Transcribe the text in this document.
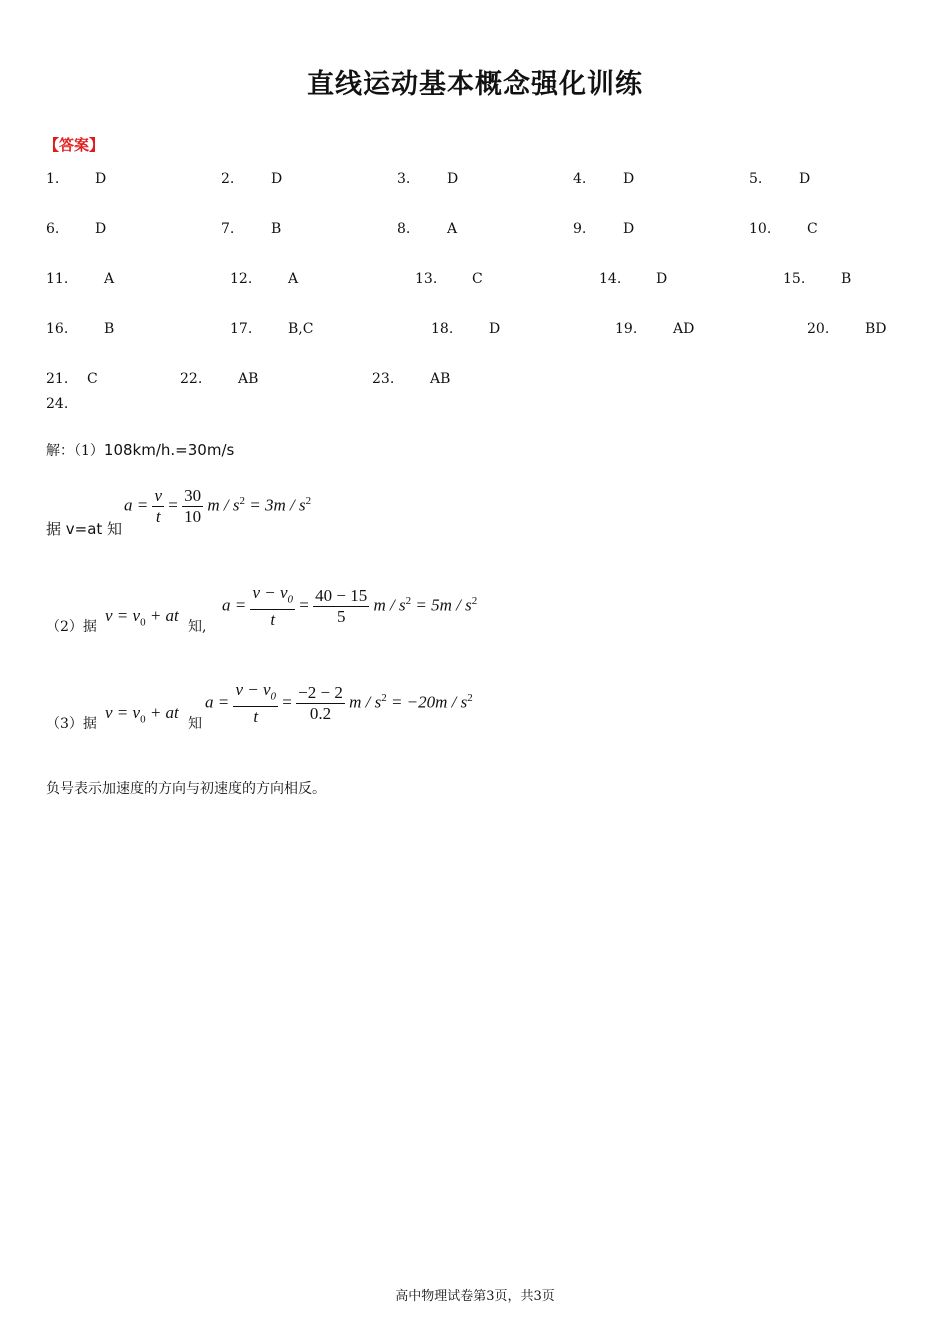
直线运动基本概念强化训练
【答案】
1.	D	2.	D	3.	D	4.	D	5.	D
6.	D	7.	B	8.	A	9.	D	10.	C
11.	A	12.	A	13. C	14. D	15.	B
16.	B	17.	B,C	18.	D	19.	AD	20.	BD
21. C	22.	AB	23.	AB
24.
解：（1）108km/h.=30m/s
据 v=at 知
$a = \frac{v}{t} = \frac{30}{10}$ $m / s^2 = 3m / s^2$
（2）据
$v = v_0$ + at
知,
$a = \frac{v - v_0}{t} = \frac{40 - 15}{5}$ $m / s^2 = 5m / s^2$
（3）据
$v = v_0$ + at
知
$a = \frac{v - v_0}{t} = \frac{-2 - 2}{0.2}$ $m / s^2 = -20m / s^2$
负号表示加速度的方向与初速度的方向相反。
高中物理试卷第3页，共3页
